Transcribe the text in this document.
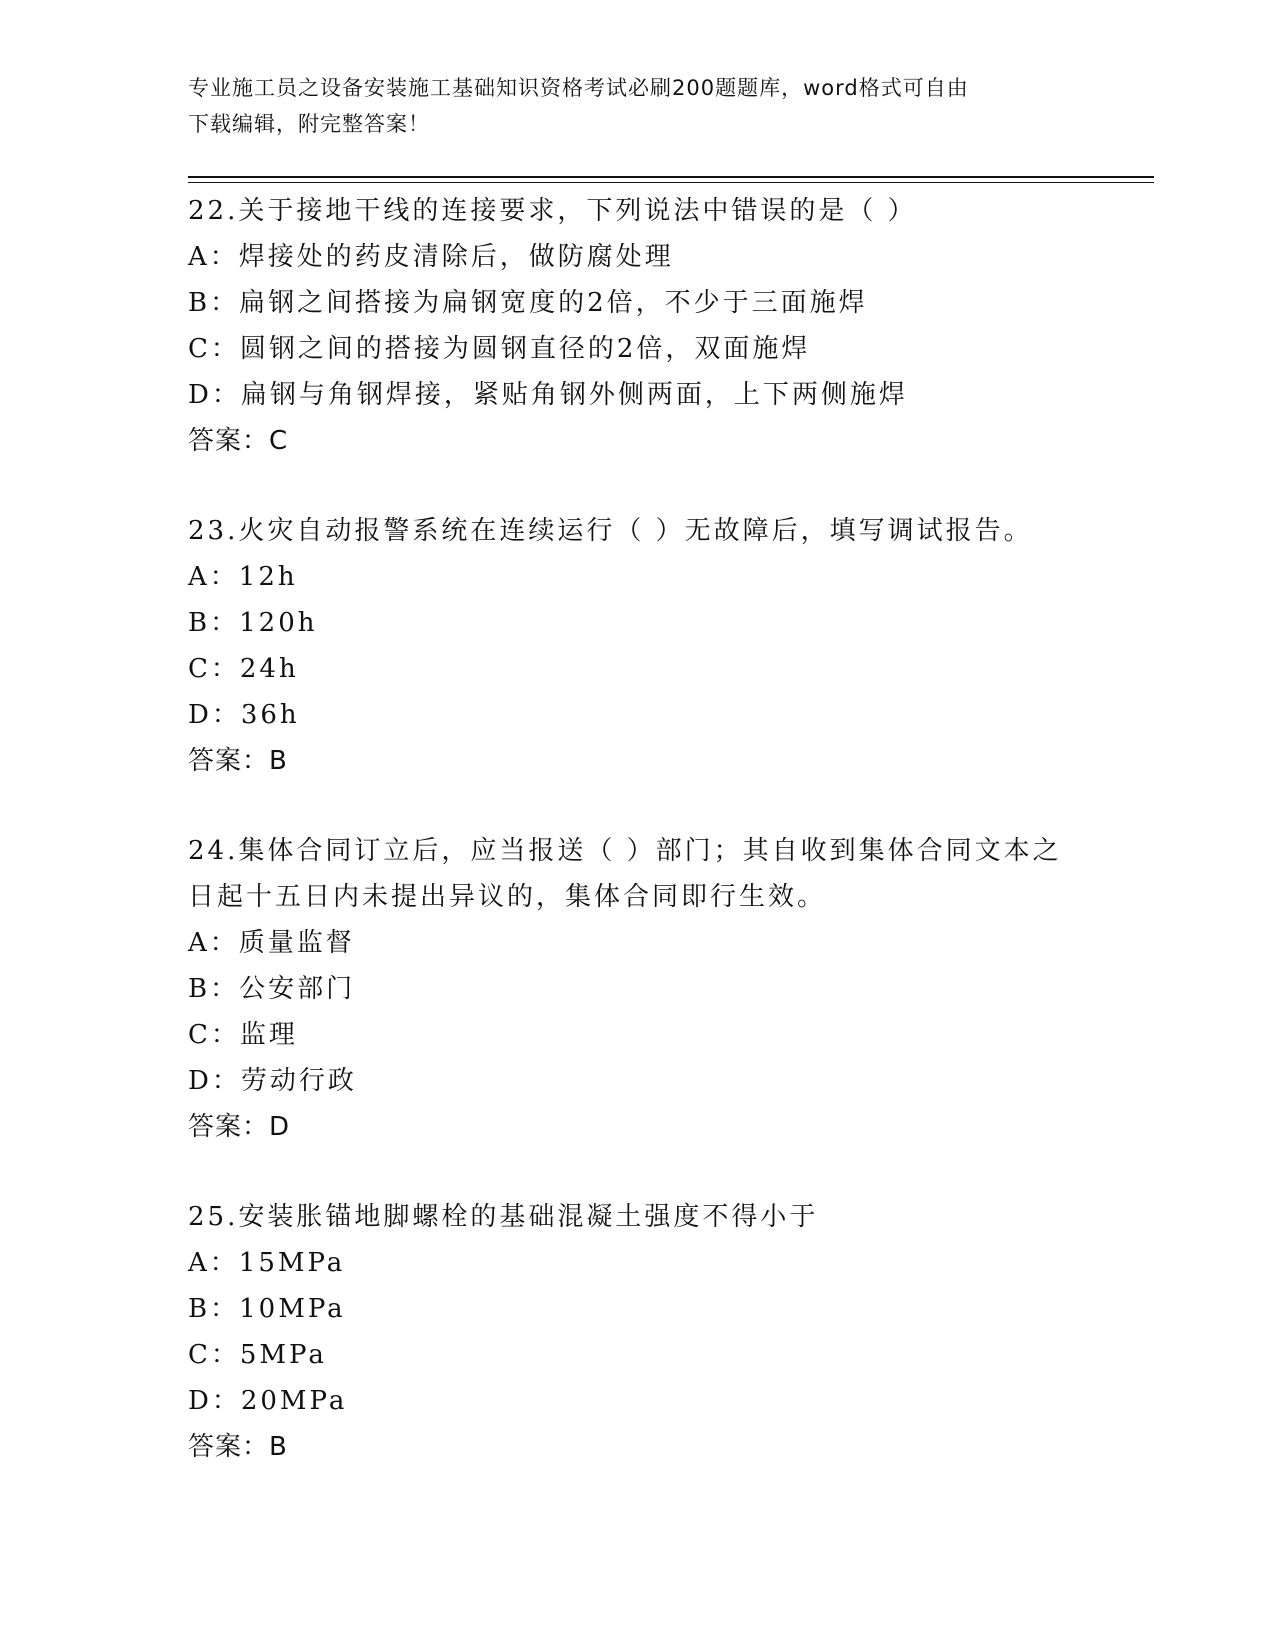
专业施工员之设备安装施工基础知识资格考试必刷200题题库，word格式可自由
下载编辑，附完整答案！
22.关于接地干线的连接要求，下列说法中错误的是（ ）
A：焊接处的药皮清除后，做防腐处理
B：扁钢之间搭接为扁钢宽度的2倍，不少于三面施焊
C：圆钢之间的搭接为圆钢直径的2倍，双面施焊
D：扁钢与角钢焊接，紧贴角钢外侧两面，上下两侧施焊
答案：C
23.火灾自动报警系统在连续运行（ ）无故障后，填写调试报告。
A：12h
B：120h
C：24h
D：36h
答案：B
24.集体合同订立后，应当报送（ ）部门；其自收到集体合同文本之
日起十五日内未提出异议的，集体合同即行生效。
A：质量监督
B：公安部门
C：监理
D：劳动行政
答案：D
25.安装胀锚地脚螺栓的基础混凝土强度不得小于
A：15MPa
B：10MPa
C：5MPa
D：20MPa
答案：B
